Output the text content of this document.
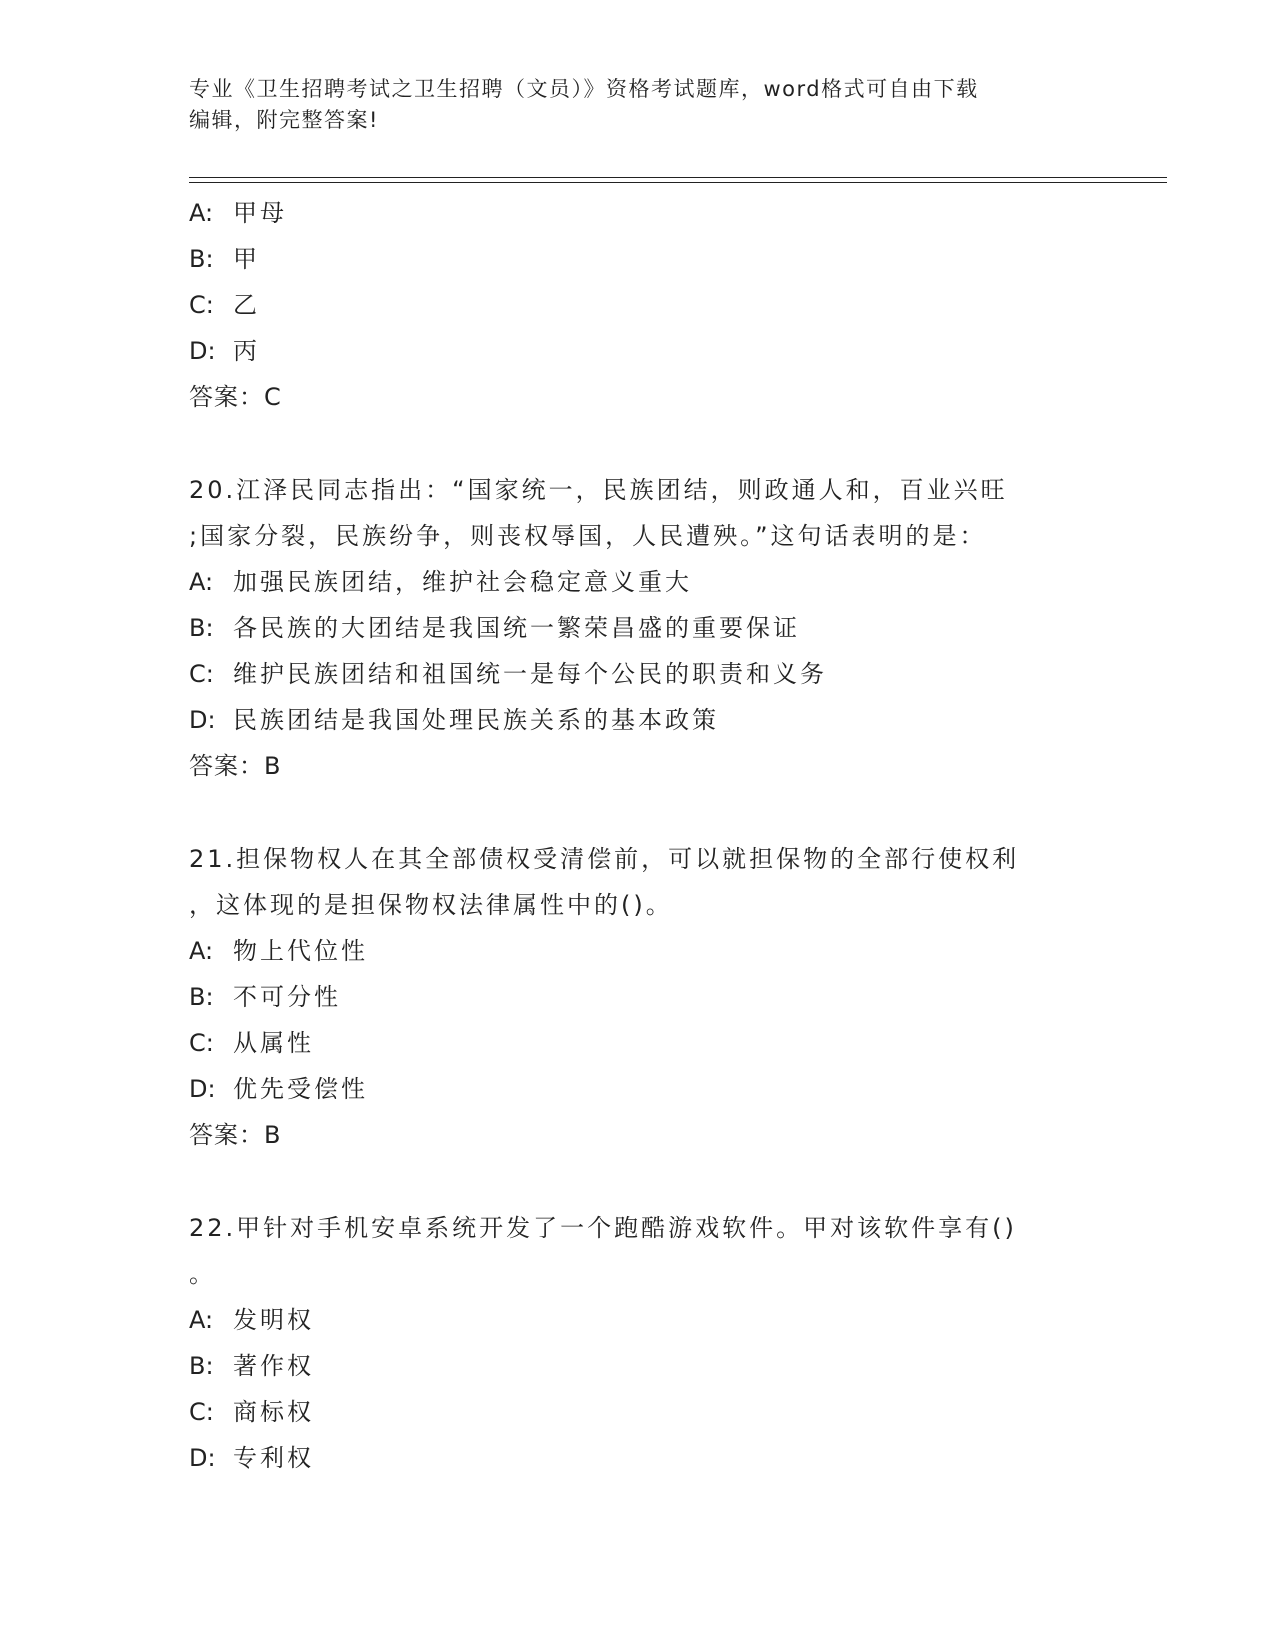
专业《卫生招聘考试之卫生招聘（文员）》资格考试题库，word格式可自由下载
编辑，附完整答案!
A: 甲母
B: 甲
C: 乙
D: 丙
答案：C
20.江泽民同志指出：“国家统一，民族团结，则政通人和，百业兴旺
;国家分裂，民族纷争，则丧权辱国，人民遭殃。”这句话表明的是：
A: 加强民族团结，维护社会稳定意义重大
B: 各民族的大团结是我国统一繁荣昌盛的重要保证
C: 维护民族团结和祖国统一是每个公民的职责和义务
D: 民族团结是我国处理民族关系的基本政策
答案：B
21.担保物权人在其全部债权受清偿前，可以就担保物的全部行使权利
，这体现的是担保物权法律属性中的()。
A: 物上代位性
B: 不可分性
C: 从属性
D: 优先受偿性
答案：B
22.甲针对手机安卓系统开发了一个跑酷游戏软件。甲对该软件享有()
。
A: 发明权
B: 著作权
C: 商标权
D: 专利权
